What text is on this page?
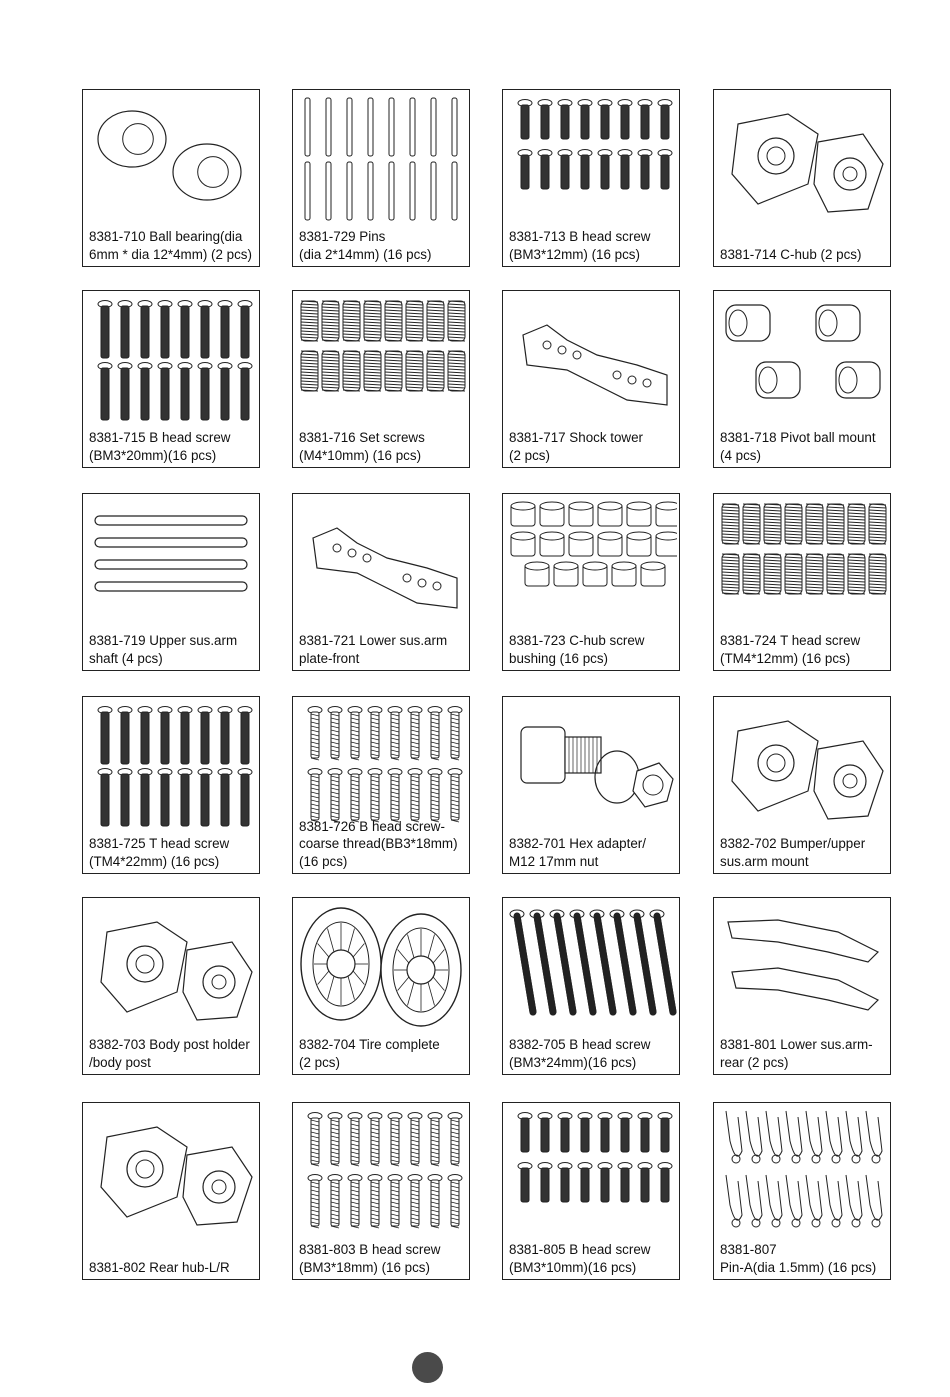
8381-710 Ball bearing(dia
6mm * dia 12*4mm) (2 pcs)
8381-729 Pins
(dia 2*14mm) (16 pcs)
8381-713 B head screw
(BM3*12mm) (16 pcs)	8381-714 C-hub (2 pcs)
8381-715 B head screw
(BM3*20mm)(16 pcs)
8381-716 Set screws
(M4*10mm) (16 pcs)
8381-717 Shock tower
(2 pcs)
8381-718 Pivot ball mount
(4 pcs)
8381-719 Upper sus.arm
shaft (4 pcs)
8381-721 Lower sus.arm
plate-front
8381-723 C-hub screw
bushing (16 pcs)
8381-724 T head screw
(TM4*12mm) (16 pcs)
8381-725 T head screw
(TM4*22mm) (16 pcs)
8381-726 B head screw-
coarse thread(BB3*18mm)
(16 pcs)
8382-701 Hex adapter/
M12 17mm nut
8382-702 Bumper/upper
sus.arm mount
8382-703 Body post holder
/body post
8382-704 Tire complete
(2 pcs)
8382-705 B head screw
(BM3*24mm)(16 pcs)
8381-801 Lower sus.arm-
rear (2 pcs)
8381-802 Rear hub-L/R
8381-803 B head screw
(BM3*18mm) (16 pcs)
8381-805 B head screw
(BM3*10mm)(16 pcs)
8381-807
Pin-A(dia 1.5mm) (16 pcs)
